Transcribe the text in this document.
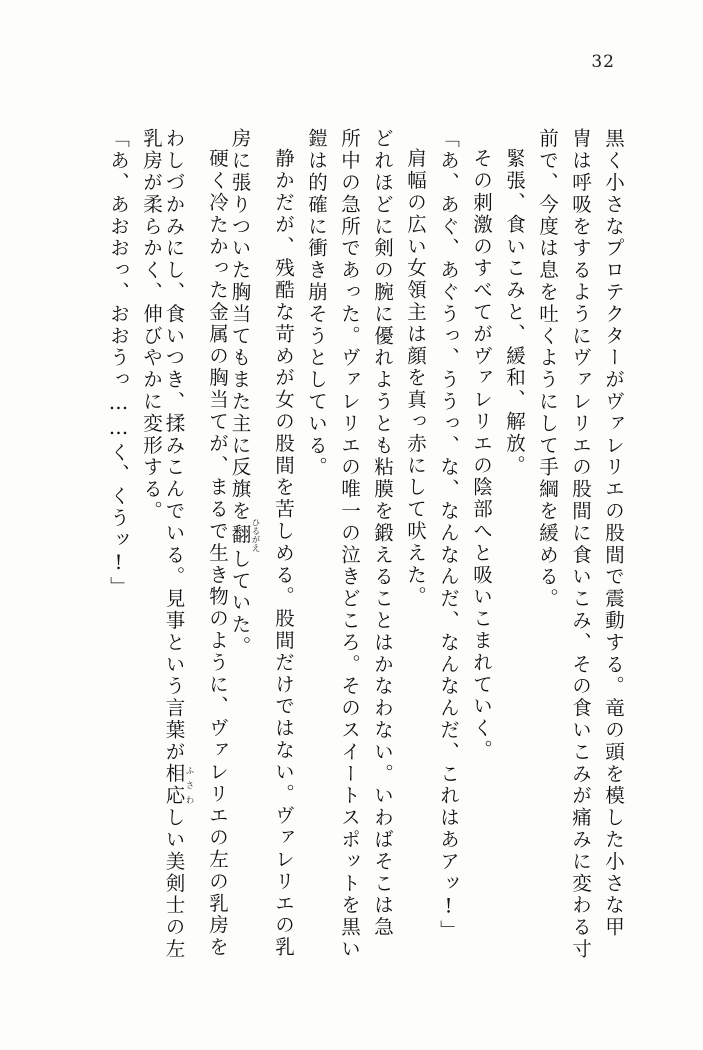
32
黒く小さなプロテクターがヴァレリエの股間で震動する。竜の頭を模した小さな甲
冑は呼吸をするようにヴァレリエの股間に食いこみ、その食いこみが痛みに変わる寸
前で、今度は息を吐くようにして手綱を緩める。
緊張、食いこみと、緩和、解放。
その刺激のすべてがヴァレリエの陰部へと吸いこまれていく。
「あ、あぐ、あぐうっ、ううっ、な、なんなんだ、なんなんだ、これはあアッ!」
肩幅の広い女領主は顔を真っ赤にして吠えた。
どれほどに剣の腕に優れようとも粘膜を鍛えることはかなわない。いわばそこは急
所中の急所であった。ヴァレリエの唯一の泣きどころ。そのスイートスポットを黒い
鎧は的確に衝き崩そうとしている。
静かだが、残酷な苛めが女の股間を苦しめる。股間だけではない。ヴァレリエの乳
房に張りついた胸当てもまた主に反旗を翻ひるがえしていた。
硬く冷たかった金属の胸当てが、まるで生き物のように、ヴァレリエの左の乳房を
わしづかみにし、食いつき、揉みこんでいる。見事という言葉が相応ふさわしい美剣士の左
乳房が柔らかく、伸びやかに変形する。
「あ、あおおっ、おおうっ……く、くうッ!」
